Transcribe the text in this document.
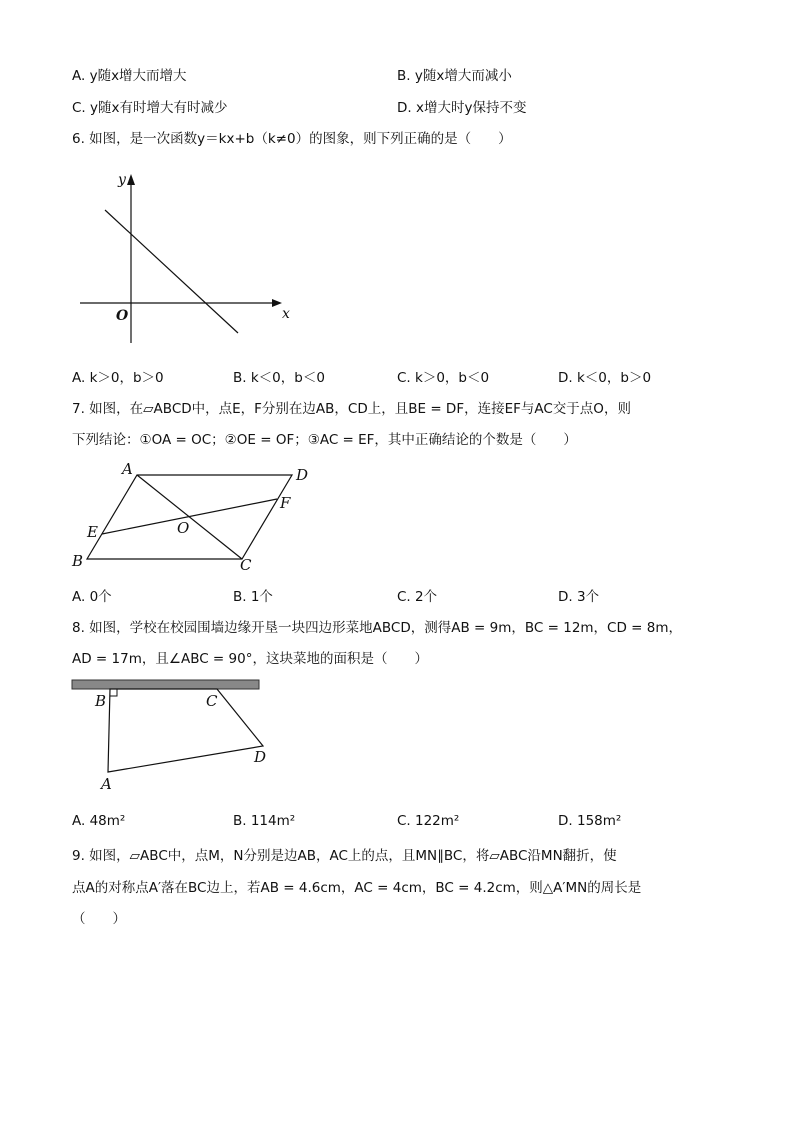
A. y随x增大而增大	B. y随x增大而减小
C. y随x有时增大有时减少	D. x增大时y保持不变
6. 如图，是一次函数y＝kx+b（k≠0）的图象，则下列正确的是（　　）
y
x
O
A. k＞0，b＞0	B. k＜0，b＜0	C. k＞0，b＜0	D. k＜0，b＞0
7. 如图，在▱ABCD中，点E，F分别在边AB，CD上，且BE = DF，连接EF与AC交于点O，则
下列结论：①OA = OC；②OE = OF；③AC = EF，其中正确结论的个数是（　　）
A	D
F
E	O
B	C
A. 0个	B. 1个	C. 2个	D. 3个
8. 如图，学校在校园围墙边缘开垦一块四边形菜地ABCD，测得AB = 9m，BC = 12m，CD = 8m，
AD = 17m，且∠ABC = 90°，这块菜地的面积是（　　）
B	C
D
A
A. 48m²	B. 114m²	C. 122m²	D. 158m²
9. 如图，▱ABC中，点M，N分别是边AB，AC上的点，且MN∥BC，将▱ABC沿MN翻折，使
点A的对称点A′落在BC边上，若AB = 4.6cm，AC = 4cm，BC = 4.2cm，则△A′MN的周长是
（　　）
